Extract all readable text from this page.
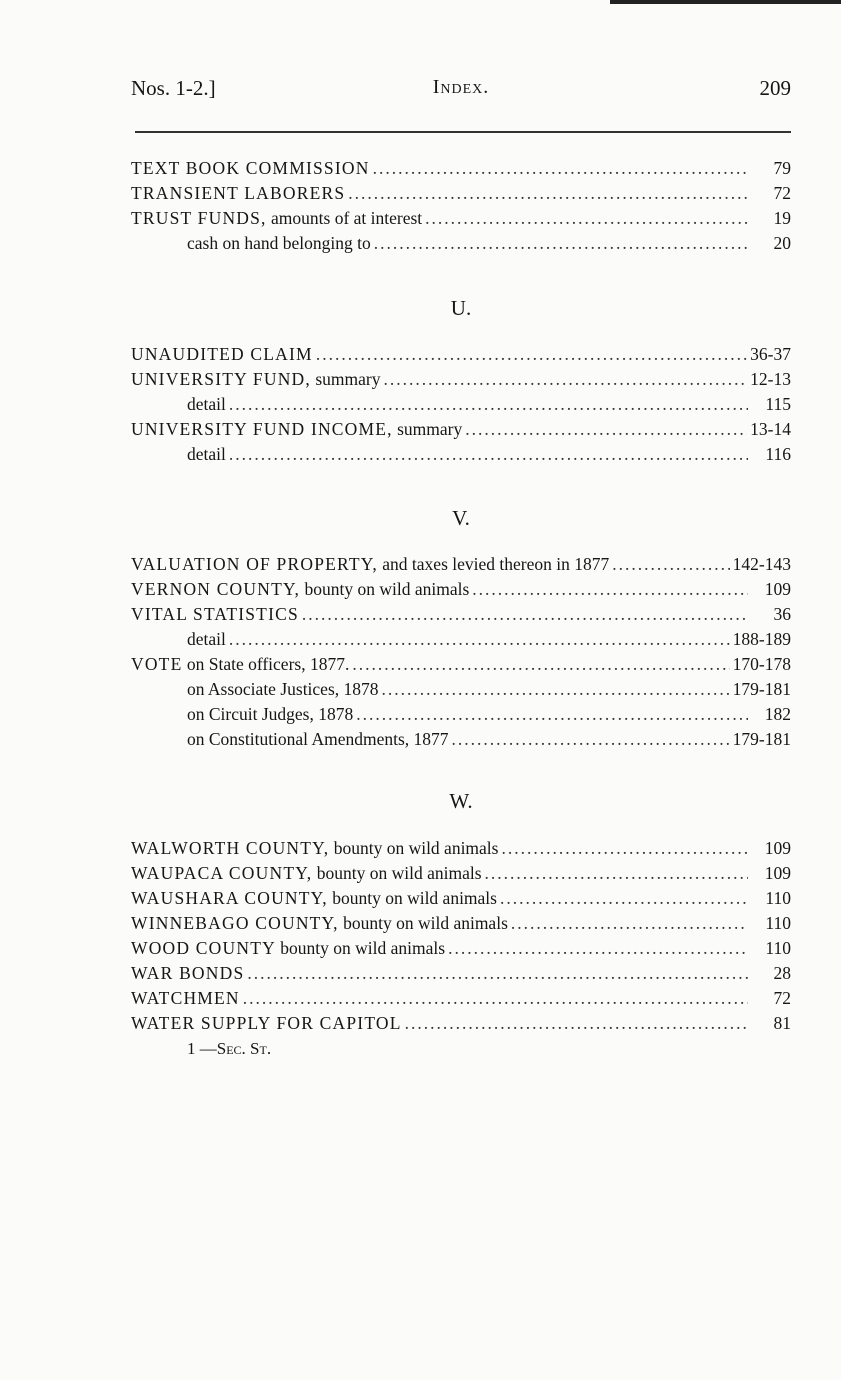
Nos. 1-2.]	Index.	209
TEXT BOOK COMMISSION .....	79
TRANSIENT LABORERS .....	72
TRUST FUNDS, amounts of at interest .....	19
cash on hand belonging to .....	20
U.
UNAUDITED CLAIM .....	36-37
UNIVERSITY FUND, summary .....	12-13
detail .....	115
UNIVERSITY FUND INCOME, summary .....	13-14
detail .....	116
V.
VALUATION OF PROPERTY, and taxes levied thereon in 1877 .....	142-143
VERNON COUNTY, bounty on wild animals .....	109
VITAL STATISTICS .....	36
detail .....	188-189
VOTE on State officers, 1877. .....	170-178
on Associate Justices, 1878 .....	179-181
on Circuit Judges, 1878 .....	182
on Constitutional Amendments, 1877 .....	179-181
W.
WALWORTH COUNTY, bounty on wild animals .....	109
WAUPACA COUNTY, bounty on wild animals .....	109
WAUSHARA COUNTY, bounty on wild animals .....	110
WINNEBAGO COUNTY, bounty on wild animals .....	110
WOOD COUNTY bounty on wild animals .....	110
WAR BONDS .....	28
WATCHMEN .....	72
WATER SUPPLY FOR CAPITOL .....	81
1 —Sec. St.
